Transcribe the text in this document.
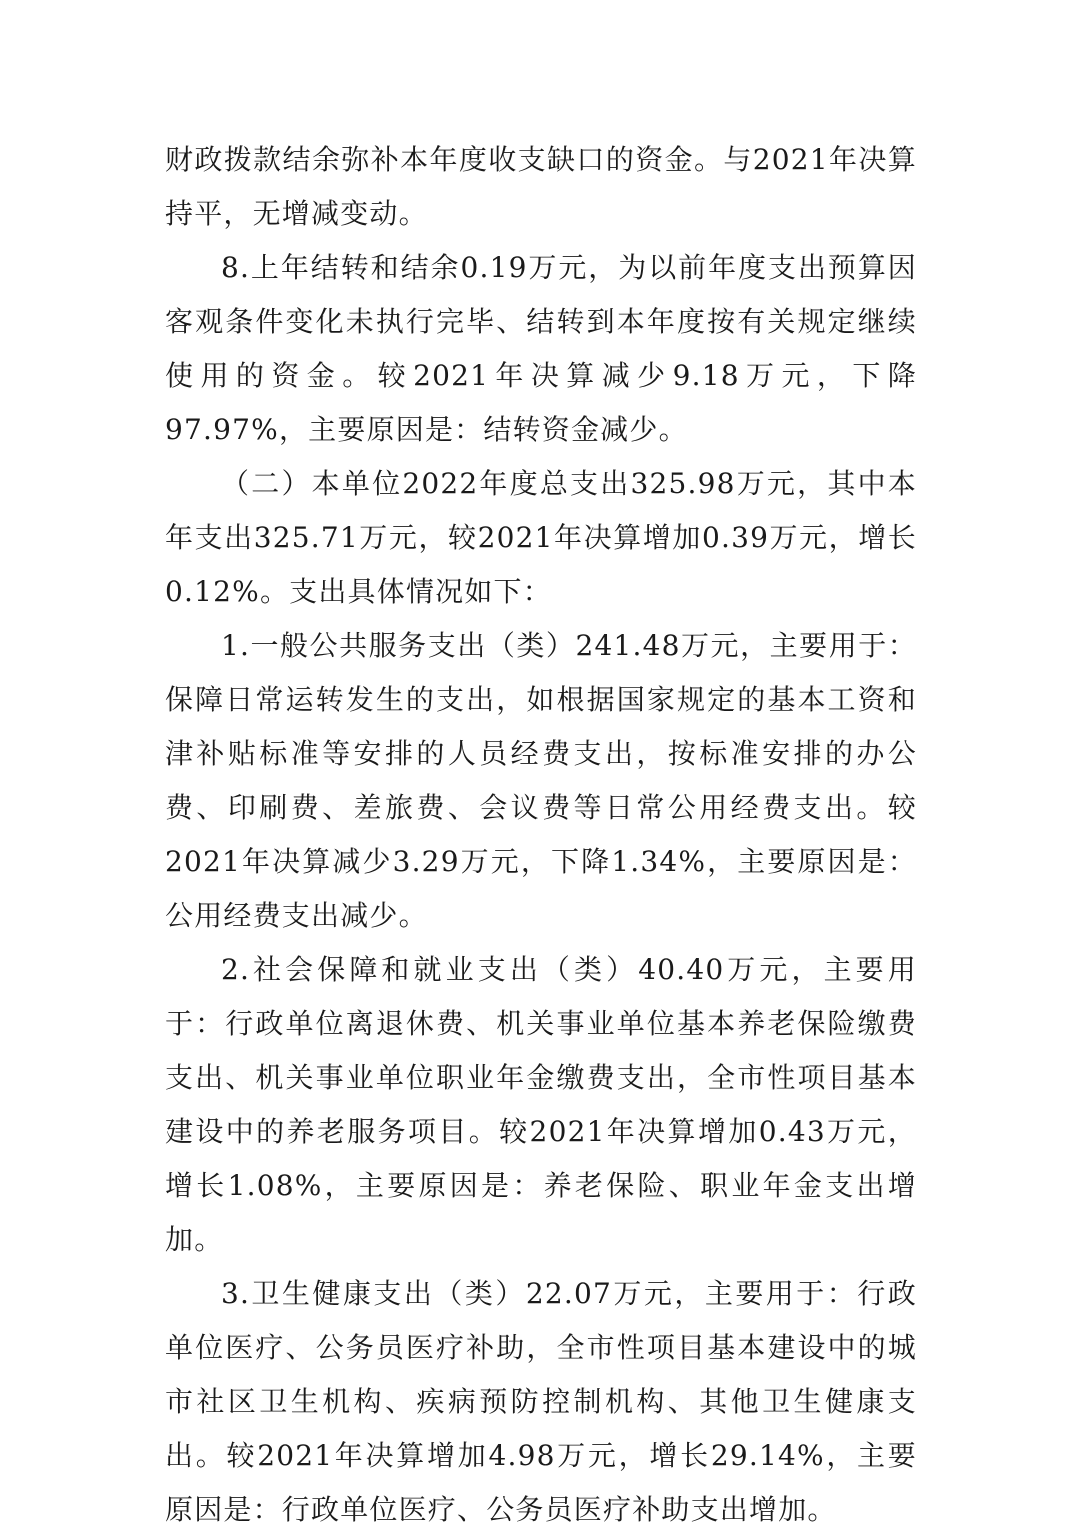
财政拨款结余弥补本年度收支缺口的资金。与2021年决算持平，无增减变动。

8.上年结转和结余0.19万元，为以前年度支出预算因客观条件变化未执行完毕、结转到本年度按有关规定继续使用的资金。较2021年决算减少9.18万元，下降97.97%，主要原因是：结转资金减少。

（二）本单位2022年度总支出325.98万元，其中本年支出325.71万元，较2021年决算增加0.39万元，增长0.12%。支出具体情况如下：

1.一般公共服务支出（类）241.48万元，主要用于：保障日常运转发生的支出，如根据国家规定的基本工资和津补贴标准等安排的人员经费支出，按标准安排的办公费、印刷费、差旅费、会议费等日常公用经费支出。较2021年决算减少3.29万元，下降1.34%，主要原因是：公用经费支出减少。

2.社会保障和就业支出（类）40.40万元，主要用于：行政单位离退休费、机关事业单位基本养老保险缴费支出、机关事业单位职业年金缴费支出，全市性项目基本建设中的养老服务项目。较2021年决算增加0.43万元，增长1.08%，主要原因是：养老保险、职业年金支出增加。

3.卫生健康支出（类）22.07万元，主要用于：行政单位医疗、公务员医疗补助，全市性项目基本建设中的城市社区卫生机构、疾病预防控制机构、其他卫生健康支出。较2021年决算增加4.98万元，增长29.14%，主要原因是：行政单位医疗、公务员医疗补助支出增加。
